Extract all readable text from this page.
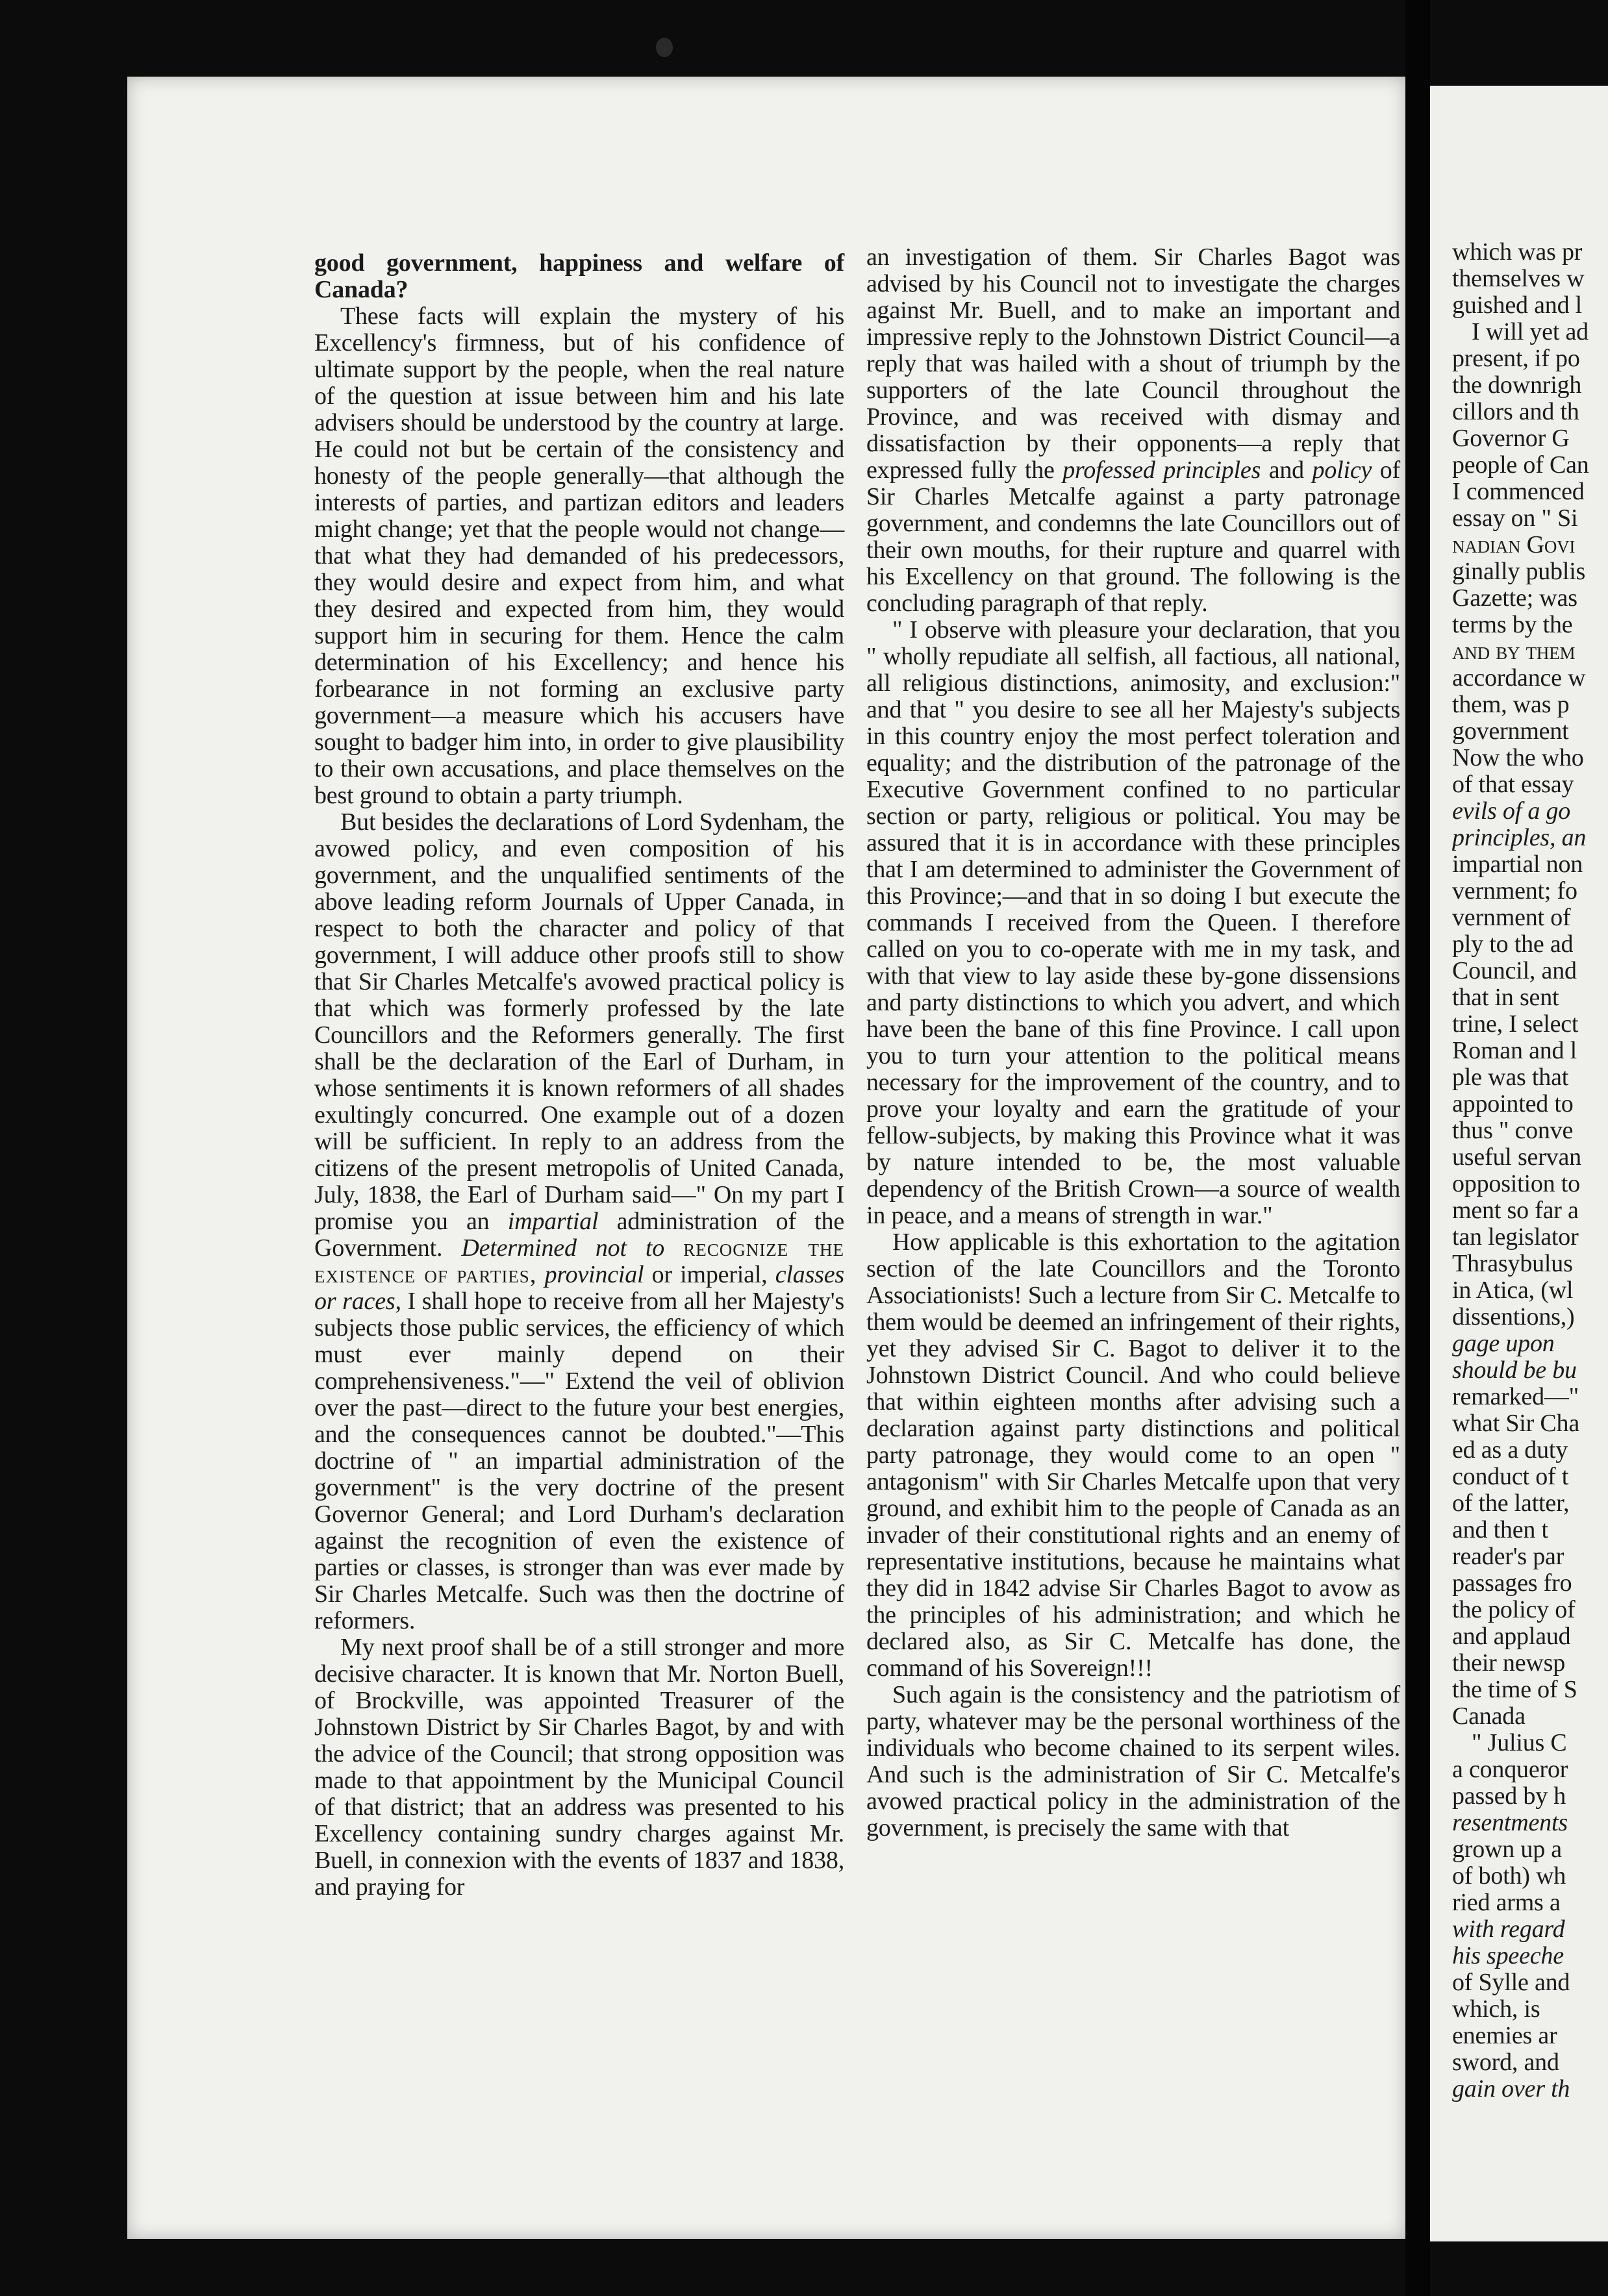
good government, happiness and welfare of Canada?

These facts will explain the mystery of his Excellency's firmness, but of his confidence of ultimate support by the people, when the real nature of the question at issue between him and his late advisers should be understood by the country at large. He could not but be certain of the consistency and honesty of the people generally—that although the interests of parties, and partizan editors and leaders might change; yet that the people would not change—that what they had demanded of his predecessors, they would desire and expect from him, and what they desired and expected from him, they would support him in securing for them. Hence the calm determination of his Excellency; and hence his forbearance in not forming an exclusive party government—a measure which his accusers have sought to badger him into, in order to give plausibility to their own accusations, and place themselves on the best ground to obtain a party triumph.

But besides the declarations of Lord Sydenham, the avowed policy, and even composition of his government, and the unqualified sentiments of the above leading reform Journals of Upper Canada, in respect to both the character and policy of that government, I will adduce other proofs still to show that Sir Charles Metcalfe's avowed practical policy is that which was formerly professed by the late Councillors and the Reformers generally. The first shall be the declaration of the Earl of Durham, in whose sentiments it is known reformers of all shades exultingly concurred. One example out of a dozen will be sufficient. In reply to an address from the citizens of the present metropolis of United Canada, July, 1838, the Earl of Durham said—" On my part I promise you an impartial administration of the Government. Determined not to recognize the existence of parties, provincial or imperial, classes or races, I shall hope to receive from all her Majesty's subjects those public services, the efficiency of which must ever mainly depend on their comprehensiveness."—" Extend the veil of oblivion over the past—direct to the future your best energies, and the consequences cannot be doubted."—This doctrine of " an impartial administration of the government" is the very doctrine of the present Governor General; and Lord Durham's declaration against the recognition of even the existence of parties or classes, is stronger than was ever made by Sir Charles Metcalfe. Such was then the doctrine of reformers.

My next proof shall be of a still stronger and more decisive character. It is known that Mr. Norton Buell, of Brockville, was appointed Treasurer of the Johnstown District by Sir Charles Bagot, by and with the advice of the Council; that strong opposition was made to that appointment by the Municipal Council of that district; that an address was presented to his Excellency containing sundry charges against Mr. Buell, in connexion with the events of 1837 and 1838, and praying for

an investigation of them. Sir Charles Bagot was advised by his Council not to investigate the charges against Mr. Buell, and to make an important and impressive reply to the Johnstown District Council—a reply that was hailed with a shout of triumph by the supporters of the late Council throughout the Province, and was received with dismay and dissatisfaction by their opponents—a reply that expressed fully the professed principles and policy of Sir Charles Metcalfe against a party patronage government, and condemns the late Councillors out of their own mouths, for their rupture and quarrel with his Excellency on that ground. The following is the concluding paragraph of that reply.

" I observe with pleasure your declaration, that you " wholly repudiate all selfish, all factious, all national, all religious distinctions, animosity, and exclusion:" and that " you desire to see all her Majesty's subjects in this country enjoy the most perfect toleration and equality; and the distribution of the patronage of the Executive Government confined to no particular section or party, religious or political. You may be assured that it is in accordance with these principles that I am determined to administer the Government of this Province;—and that in so doing I but execute the commands I received from the Queen. I therefore called on you to co-operate with me in my task, and with that view to lay aside these by-gone dissensions and party distinctions to which you advert, and which have been the bane of this fine Province. I call upon you to turn your attention to the political means necessary for the improvement of the country, and to prove your loyalty and earn the gratitude of your fellow-subjects, by making this Province what it was by nature intended to be, the most valuable dependency of the British Crown—a source of wealth in peace, and a means of strength in war."

How applicable is this exhortation to the agitation section of the late Councillors and the Toronto Associationists! Such a lecture from Sir C. Metcalfe to them would be deemed an infringement of their rights, yet they advised Sir C. Bagot to deliver it to the Johnstown District Council. And who could believe that within eighteen months after advising such a declaration against party distinctions and political party patronage, they would come to an open " antagonism" with Sir Charles Metcalfe upon that very ground, and exhibit him to the people of Canada as an invader of their constitutional rights and an enemy of representative institutions, because he maintains what they did in 1842 advise Sir Charles Bagot to avow as the principles of his administration; and which he declared also, as Sir C. Metcalfe has done, the command of his Sovereign!!!

Such again is the consistency and the patriotism of party, whatever may be the personal worthiness of the individuals who become chained to its serpent wiles. And such is the administration of Sir C. Metcalfe's avowed practical policy in the administration of the government, is precisely the same with that

which was pr
themselves w
guished and l
I will yet ad
present, if po
the downrigh
cillors and th
Governor G
people of Can
I commenced
essay on " Si
nadian Govi
ginally publis
Gazette; was
terms by the
and by them
accordance w
them, was p
government
Now the who
of that essay
evils of a go
principles, an
impartial non
vernment; fo
vernment of
ply to the ad
Council, and
that in sent
trine, I select
Roman and l
ple was that
appointed to
thus " conve
useful servan
opposition to
ment so far a
tan legislator
Thrasybulus
in Atica, (wl
dissentions,)
gage upon
should be bu
remarked—"
what Sir Cha
ed as a duty
conduct of t
of the latter,
and then t
reader's par
passages fro
the policy of
and applaud
their newsp
the time of S
Canada
" Julius C
a conqueror
passed by h
resentments
grown up a
of both) wh
ried arms a
with regard
his speeche
of Sylle and
which, is
enemies ar
sword, and
gain over th
